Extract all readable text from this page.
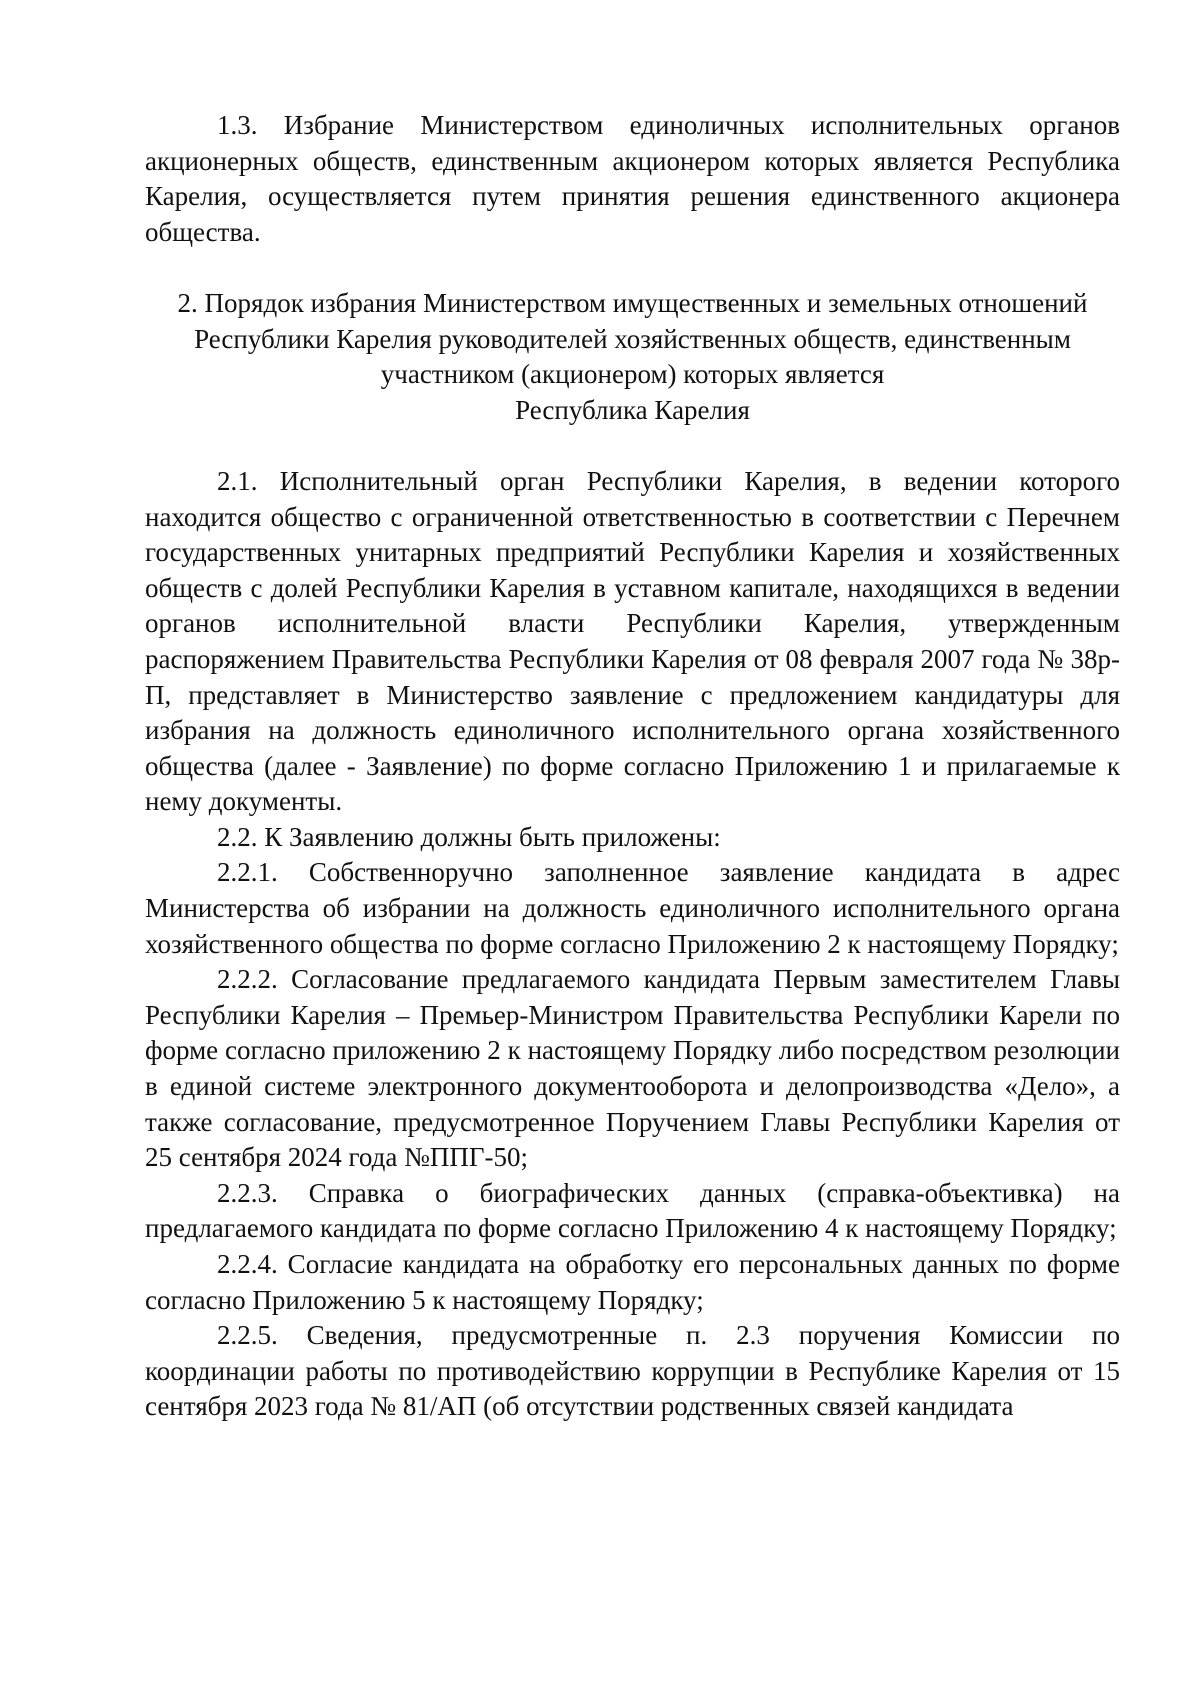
1.3. Избрание Министерством единоличных исполнительных органов акционерных обществ, единственным акционером которых является Республика Карелия, осуществляется путем принятия решения единственного акционера общества.

2. Порядок избрания Министерством имущественных и земельных отношений
Республики Карелия руководителей хозяйственных обществ, единственным
участником (акционером) которых является
Республика Карелия

2.1. Исполнительный орган Республики Карелия, в ведении которого находится общество с ограниченной ответственностью в соответствии с Перечнем государственных унитарных предприятий Республики Карелия и хозяйственных обществ с долей Республики Карелия в уставном капитале, находящихся в ведении органов исполнительной власти Республики Карелия, утвержденным распоряжением Правительства Республики Карелия от 08 февраля 2007 года № 38р-П, представляет в Министерство заявление с предложением кандидатуры для избрания на должность единоличного исполнительного органа хозяйственного общества (далее - Заявление) по форме согласно Приложению 1 и прилагаемые к нему документы.

2.2. К Заявлению должны быть приложены:

2.2.1. Собственноручно заполненное заявление кандидата в адрес Министерства об избрании на должность единоличного исполнительного органа хозяйственного общества по форме согласно Приложению 2 к настоящему Порядку;

2.2.2. Согласование предлагаемого кандидата Первым заместителем Главы Республики Карелия – Премьер-Министром Правительства Республики Карели по форме согласно приложению 2 к настоящему Порядку либо посредством резолюции в единой системе электронного документооборота и делопроизводства «Дело», а также согласование, предусмотренное Поручением Главы Республики Карелия от 25 сентября 2024 года №ППГ-50;

2.2.3. Справка о биографических данных (справка-объективка) на предлагаемого кандидата по форме согласно Приложению 4 к настоящему Порядку;

2.2.4. Согласие кандидата на обработку его персональных данных по форме согласно Приложению 5 к настоящему Порядку;

2.2.5. Сведения, предусмотренные п. 2.3 поручения Комиссии по координации работы по противодействию коррупции в Республике Карелия от 15 сентября 2023 года № 81/АП (об отсутствии родственных связей кандидата
